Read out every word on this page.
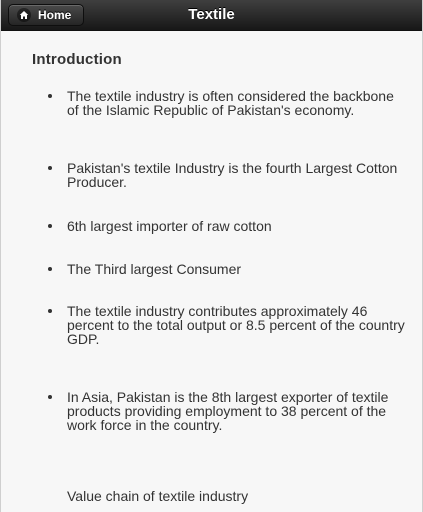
Home	Textile
Introduction
The textile industry is often considered the backbone of the Islamic Republic of Pakistan's economy.
Pakistan's textile Industry is the fourth Largest Cotton Producer.
6th largest importer of raw cotton
The Third largest Consumer
The textile industry contributes approximately 46 percent to the total output or 8.5 percent of the country GDP.
In Asia, Pakistan is the 8th largest exporter of textile products providing employment to 38 percent of the work force in the country.
Value chain of textile industry
